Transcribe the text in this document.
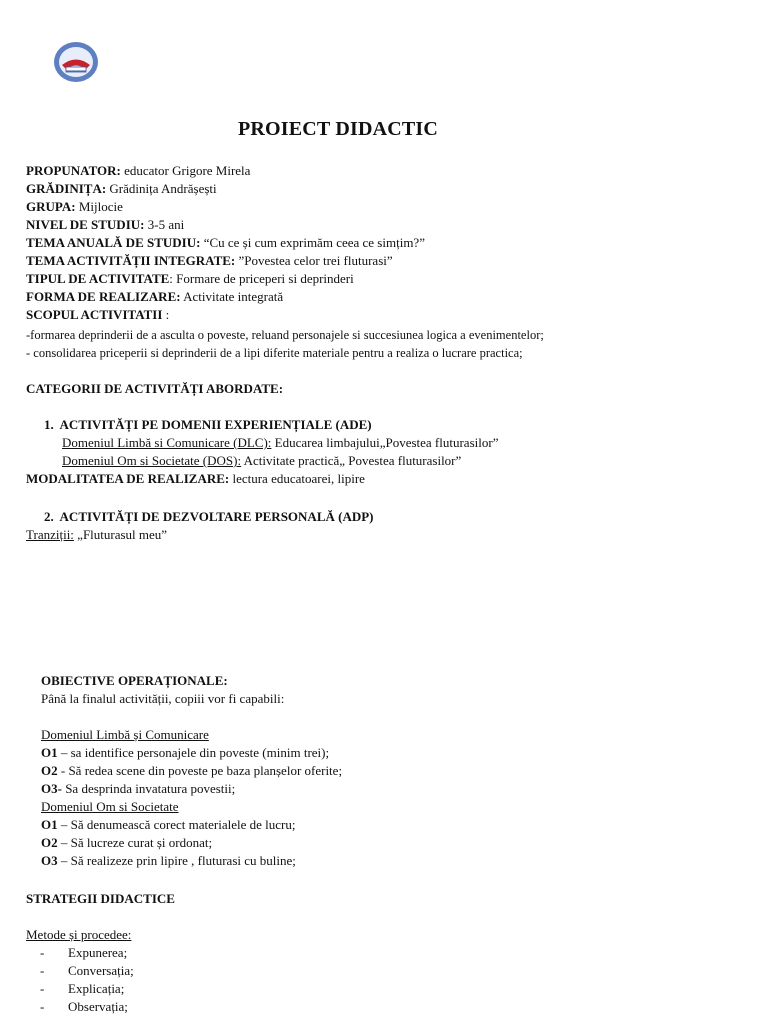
PROIECT DIDACTIC
PROPUNATOR: educator Grigore Mirela
GRĂDINIȚA: Grădinița Andrășești
GRUPA: Mijlocie
NIVEL DE STUDIU: 3-5 ani
TEMA ANUALĂ DE STUDIU: “Cu ce și cum exprimăm ceea ce simțim?”
TEMA ACTIVITĂȚII INTEGRATE: ”Povestea celor trei fluturasi”
TIPUL DE ACTIVITATE: Formare de priceperi si deprinderi
FORMA DE REALIZARE: Activitate integrată
SCOPUL ACTIVITATII :
-formarea deprinderii de a asculta o poveste, reluand personajele si succesiunea logica a evenimentelor;
- consolidarea priceperii si deprinderii de a lipi diferite materiale pentru a realiza o lucrare practica;
CATEGORII DE ACTIVITĂȚI ABORDATE:
1. ACTIVITĂȚI PE DOMENII EXPERIENȚIALE (ADE)
Domeniul Limbă si Comunicare (DLC): Educarea limbajului„Povestea fluturasilor”
Domeniul Om si Societate (DOS): Activitate practică„ Povestea fluturasilor”
MODALITATEA DE REALIZARE: lectura educatoarei, lipire
2. ACTIVITĂȚI DE DEZVOLTARE PERSONALĂ (ADP)
Tranziții: „Fluturasul meu”
OBIECTIVE OPERAȚIONALE:
Până la finalul activității, copiii vor fi capabili:
Domeniul Limbă și Comunicare
O1 – sa identifice personajele din poveste (minim trei);
O2 - Să redea scene din poveste pe baza planșelor oferite;
O3- Sa desprinda invatatura povestii;
Domeniul Om si Societate
O1 – Să denumească corect materialele de lucru;
O2 – Să lucreze curat și ordonat;
O3 – Să realizeze prin lipire , fluturasi cu buline;
STRATEGII DIDACTICE
Metode și procedee:
- Expunerea;
- Conversația;
- Explicația;
- Observația;
